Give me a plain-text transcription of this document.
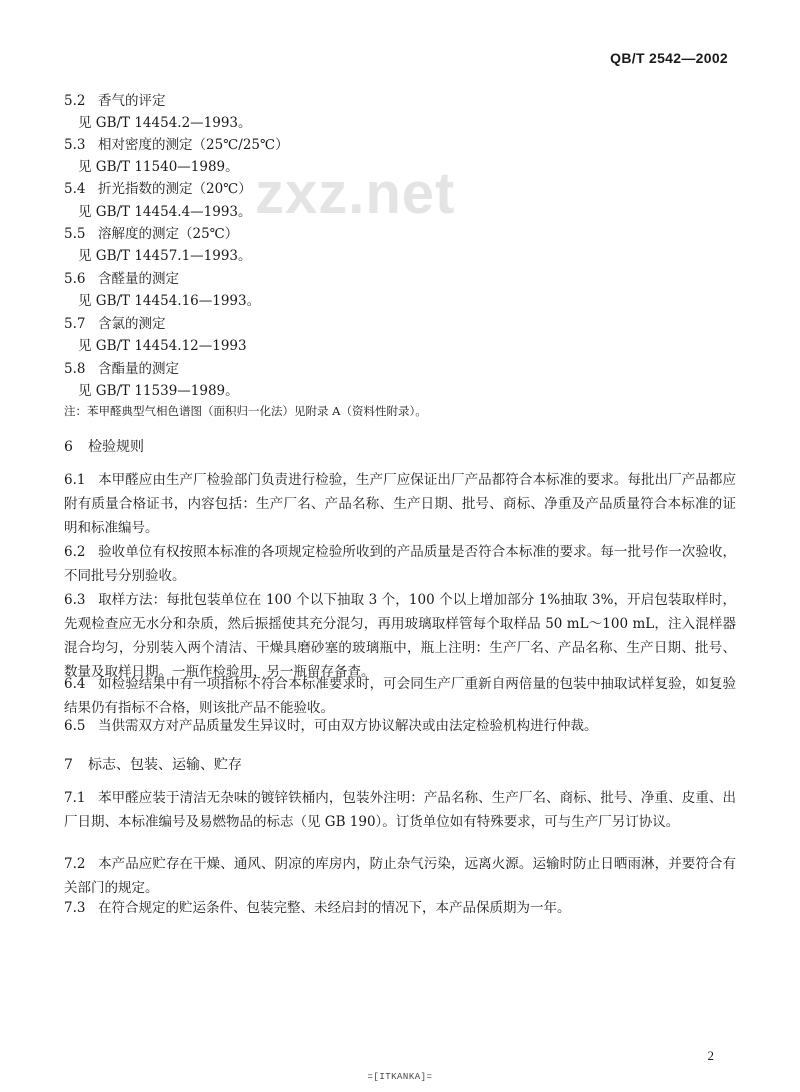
zxz.net
QB/T 2542—2002
5.2 香气的评定
见 GB/T 14454.2—1993。
5.3 相对密度的测定（25℃/25℃）
见 GB/T 11540—1989。
5.4 折光指数的测定（20℃）
见 GB/T 14454.4—1993。
5.5 溶解度的测定（25℃）
见 GB/T 14457.1—1993。
5.6 含醛量的测定
见 GB/T 14454.16—1993。
5.7 含氯的测定
见 GB/T 14454.12—1993
5.8 含酯量的测定
见 GB/T 11539—1989。
注：苯甲醛典型气相色谱图（面积归一化法）见附录 A（资料性附录）。
6 检验规则
6.1 本甲醛应由生产厂检验部门负责进行检验，生产厂应保证出厂产品都符合本标准的要求。每批出厂产品都应附有质量合格证书，内容包括：生产厂名、产品名称、生产日期、批号、商标、净重及产品质量符合本标准的证明和标准编号。
6.2 验收单位有权按照本标准的各项规定检验所收到的产品质量是否符合本标准的要求。每一批号作一次验收，不同批号分别验收。
6.3 取样方法：每批包装单位在 100 个以下抽取 3 个，100 个以上增加部分 1%抽取 3%，开启包装取样时，先观检查应无水分和杂质，然后振摇使其充分混匀，再用玻璃取样管每个取样品 50 mL～100 mL，注入混样器混合均匀，分别装入两个清洁、干燥具磨砂塞的玻璃瓶中，瓶上注明：生产厂名、产品名称、生产日期、批号、数量及取样日期。一瓶作检验用，另一瓶留存备查。
6.4 如检验结果中有一项指标不符合本标准要求时，可会同生产厂重新自两倍量的包装中抽取试样复验，如复验结果仍有指标不合格，则该批产品不能验收。
6.5 当供需双方对产品质量发生异议时，可由双方协议解决或由法定检验机构进行仲裁。
7 标志、包装、运输、贮存
7.1 苯甲醛应装于清洁无杂味的镀锌铁桶内，包装外注明：产品名称、生产厂名、商标、批号、净重、皮重、出厂日期、本标准编号及易燃物品的标志（见 GB 190）。订货单位如有特殊要求，可与生产厂另订协议。
7.2 本产品应贮存在干燥、通风、阴凉的库房内，防止杂气污染，远离火源。运输时防止日晒雨淋，并要符合有关部门的规定。
7.3 在符合规定的贮运条件、包装完整、未经启封的情况下，本产品保质期为一年。
2
=[ITKANKA]=
